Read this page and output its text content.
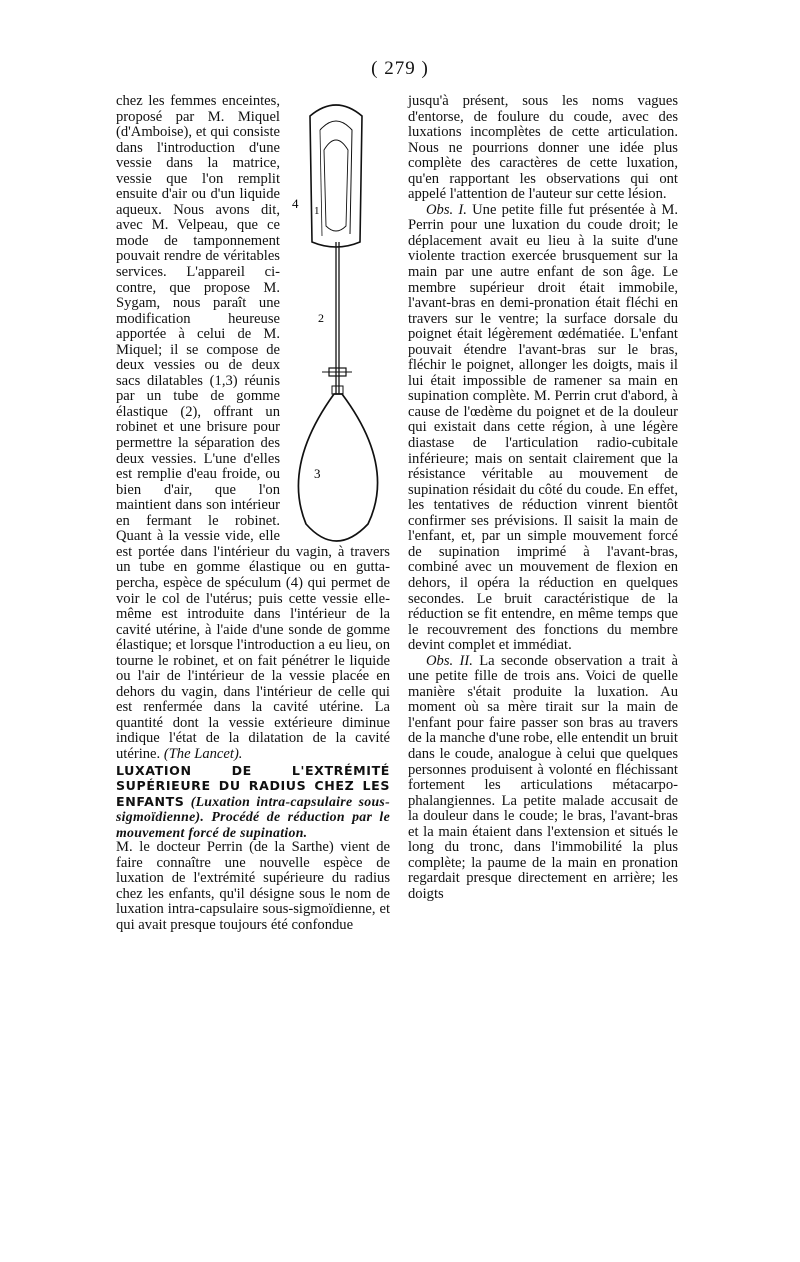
( 279 )
4 1
2
3

chez les femmes enceintes, proposé par M. Miquel (d'Amboise), et qui consiste dans l'introduction d'une vessie dans la matrice, vessie que l'on remplit ensuite d'air ou d'un liquide aqueux. Nous avons dit, avec M. Velpeau, que ce mode de tamponnement pouvait rendre de véritables services. L'appareil ci-contre, que propose M. Sygam, nous paraît une modification heureuse apportée à celui de M. Miquel; il se compose de deux vessies ou de deux sacs dilatables (1,3) réunis par un tube de gomme élastique (2), offrant un robinet et une brisure pour permettre la séparation des deux vessies. L'une d'elles est remplie d'eau froide, ou bien d'air, que l'on maintient dans son intérieur en fermant le robinet. Quant à la vessie vide, elle est portée dans l'intérieur du vagin, à travers un tube en gomme élastique ou en gutta-percha, espèce de spéculum (4) qui permet de voir le col de l'utérus; puis cette vessie elle-même est introduite dans l'intérieur de la cavité utérine, à l'aide d'une sonde de gomme élastique; et lorsque l'introduction a eu lieu, on tourne le robinet, et on fait pénétrer le liquide ou l'air de l'intérieur de la vessie placée en dehors du vagin, dans l'intérieur de celle qui est renfermée dans la cavité utérine. La quantité dont la vessie extérieure diminue indique l'état de la dilatation de la cavité utérine. (The Lancet).

LUXATION DE L'EXTRÉMITÉ SUPÉRIEURE DU RADIUS CHEZ LES ENFANTS (Luxation intra-capsulaire sous-sigmoïdienne). Procédé de réduction par le mouvement forcé de supination.

M. le docteur Perrin (de la Sarthe) vient de faire connaître une nouvelle espèce de luxation de l'extrémité supérieure du radius chez les enfants, qu'il désigne sous le nom de luxation intra-capsulaire sous-sigmoïdienne, et qui avait presque toujours été confondue

jusqu'à présent, sous les noms vagues d'entorse, de foulure du coude, avec des luxations incomplètes de cette articulation. Nous ne pourrions donner une idée plus complète des caractères de cette luxation, qu'en rapportant les observations qui ont appelé l'attention de l'auteur sur cette lésion.

Obs. I. Une petite fille fut présentée à M. Perrin pour une luxation du coude droit; le déplacement avait eu lieu à la suite d'une violente traction exercée brusquement sur la main par une autre enfant de son âge. Le membre supérieur droit était immobile, l'avant-bras en demi-pronation était fléchi en travers sur le ventre; la surface dorsale du poignet était légèrement œdématiée. L'enfant pouvait étendre l'avant-bras sur le bras, fléchir le poignet, allonger les doigts, mais il lui était impossible de ramener sa main en supination complète. M. Perrin crut d'abord, à cause de l'œdème du poignet et de la douleur qui existait dans cette région, à une légère diastase de l'articulation radio-cubitale inférieure; mais on sentait clairement que la résistance véritable au mouvement de supination résidait du côté du coude. En effet, les tentatives de réduction vinrent bientôt confirmer ses prévisions. Il saisit la main de l'enfant, et, par un simple mouvement forcé de supination imprimé à l'avant-bras, combiné avec un mouvement de flexion en dehors, il opéra la réduction en quelques secondes. Le bruit caractéristique de la réduction se fit entendre, en même temps que le recouvrement des fonctions du membre devint complet et immédiat.

Obs. II. La seconde observation a trait à une petite fille de trois ans. Voici de quelle manière s'était produite la luxation. Au moment où sa mère tirait sur la main de l'enfant pour faire passer son bras au travers de la manche d'une robe, elle entendit un bruit dans le coude, analogue à celui que quelques personnes produisent à volonté en fléchissant fortement les articulations métacarpo-phalangiennes. La petite malade accusait de la douleur dans le coude; le bras, l'avant-bras et la main étaient dans l'extension et situés le long du tronc, dans l'immobilité la plus complète; la paume de la main en pronation regardait presque directement en arrière; les doigts
